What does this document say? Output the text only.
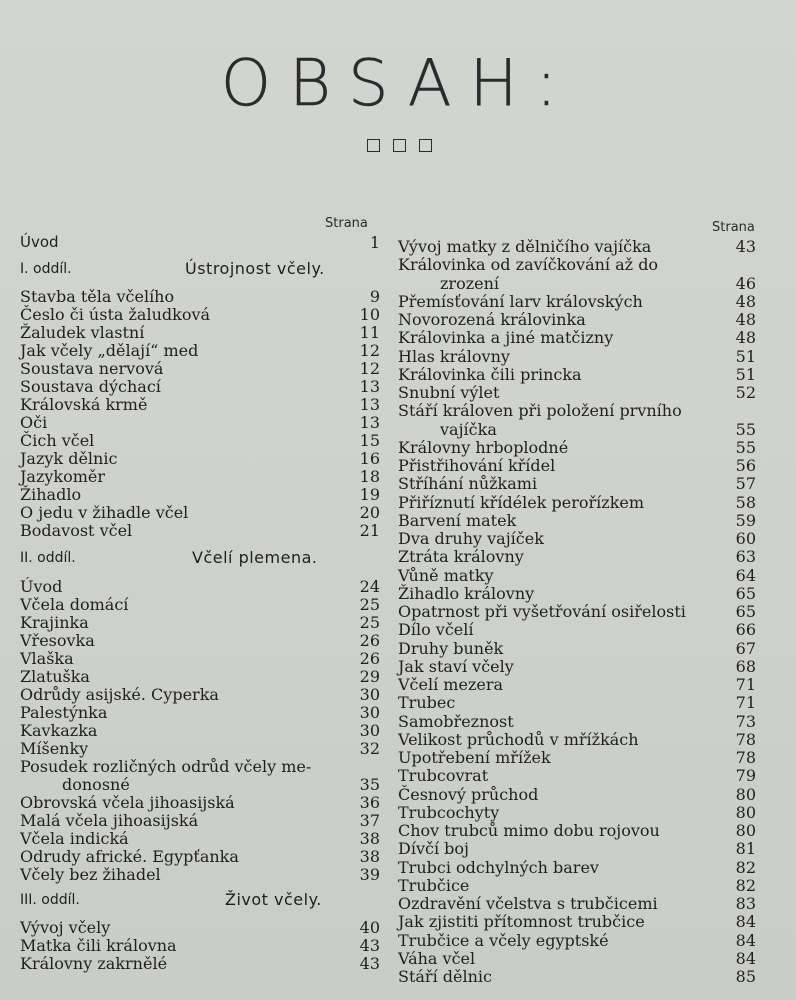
OBSAH:
Strana
Úvod	1
I. oddíl.	Ústrojnost včely.
Stavba těla včelího	9
Česlo či ústa žaludková	10
Žaludek vlastní	11
Jak včely „dělají“ med	12
Soustava nervová	12
Soustava dýchací	13
Královská krmě	13
Oči	13
Čich včel	15
Jazyk dělnic	16
Jazykoměr	18
Žihadlo	19
O jedu v žihadle včel	20
Bodavost včel	21
II. oddíl.	Včelí plemena.
Úvod	24
Včela domácí	25
Krajinka	25
Vřesovka	26
Vlaška	26
Zlatuška	29
Odrůdy asijské. Cyperka	30
Palestýnka	30
Kavkazka	30
Míšenky	32
Posudek rozličných odrůd včely me-
donosné	35
Obrovská včela jihoasijská	36
Malá včela jihoasijská	37
Včela indická	38
Odrudy africké. Egypťanka	38
Včely bez žihadel	39
III. oddíl.	Život včely.
Vývoj včely	40
Matka čili královna	43
Královny zakrnělé	43
Strana
Vývoj matky z dělničího vajíčka	43
Královinka od zavíčkování až do
zrození	46
Přemísťování larv královských	48
Novorozená královinka	48
Královinka a jiné matčizny	48
Hlas královny	51
Královinka čili princka	51
Snubní výlet	52
Stáří královen při položení prvního
vajíčka	55
Královny hrboplodné	55
Přistřihování křídel	56
Stříhání nůžkami	57
Přiříznutí křídélek perořízkem	58
Barvení matek	59
Dva druhy vajíček	60
Ztráta královny	63
Vůně matky	64
Žihadlo královny	65
Opatrnost při vyšetřování osiřelosti	65
Dílo včelí	66
Druhy buněk	67
Jak staví včely	68
Včelí mezera	71
Trubec	71
Samobřeznost	73
Velikost průchodů v mřížkách	78
Upotřebení mřížek	78
Trubcovrat	79
Česnový průchod	80
Trubcochyty	80
Chov trubců mimo dobu rojovou	80
Dívčí boj	81
Trubci odchylných barev	82
Trubčice	82
Ozdravění včelstva s trubčicemi	83
Jak zjistiti přítomnost trubčice	84
Trubčice a včely egyptské	84
Váha včel	84
Stáří dělnic	85
